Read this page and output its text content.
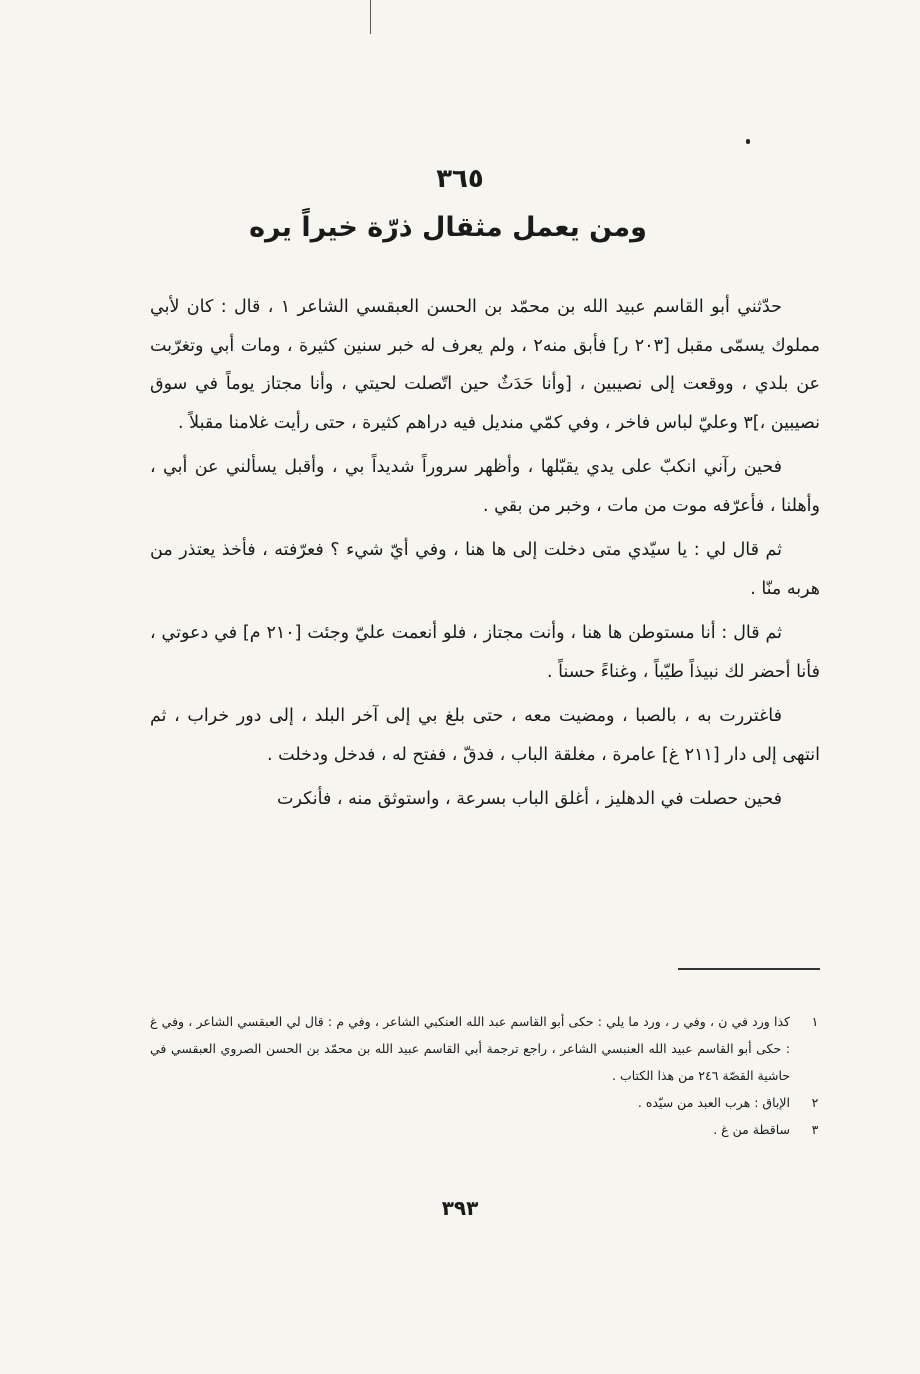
٣٦٥
ومن يعمل مثقال ذرّة خيراً يره

حدّثني أبو القاسم عبيد الله بن محمّد بن الحسن العبقسي الشاعر ١ ، قال : كان لأبي مملوك يسمّى مقبل [٢٠٣ ر] فأبق منه٢ ، ولم يعرف له خبر سنين كثيرة ، ومات أبي وتغرّبت عن بلدي ، ووقعت إلى نصيبين ، [وأنا حَدَثٌ حين اتّصلت لحيتي ، وأنا مجتاز يوماً في سوق نصيبين ،]٣ وعليّ لباس فاخر ، وفي كمّي منديل فيه دراهم كثيرة ، حتى رأيت غلامنا مقبلاً .

فحين رآني انكبّ على يدي يقبّلها ، وأظهر سروراً شديداً بي ، وأقبل يسألني عن أبي ، وأهلنا ، فأعرّفه موت من مات ، وخبر من بقي .

ثم قال لي : يا سيّدي متى دخلت إلى ها هنا ، وفي أيّ شيء ؟ فعرّفته ، فأخذ يعتذر من هربه منّا .

ثم قال : أنا مستوطن ها هنا ، وأنت مجتاز ، فلو أنعمت عليّ وجئت [٢١٠ م] في دعوتي ، فأنا أحضر لك نبيذاً طيّباً ، وغناءً حسناً .

فاغتررت به ، بالصبا ، ومضيت معه ، حتى بلغ بي إلى آخر البلد ، إلى دور خراب ، ثم انتهى إلى دار [٢١١ غ] عامرة ، مغلقة الباب ، فدقّ ، ففتح له ، فدخل ودخلت .

فحين حصلت في الدهليز ، أغلق الباب بسرعة ، واستوثق منه ، فأنكرت

١
كذا ورد في ن ، وفي ر ، ورد ما يلي : حكى أبو القاسم عبد الله العنكبي الشاعر ، وفي م : قال لي العبقسي الشاعر ، وفي غ : حكى أبو القاسم عبيد الله العنبسي الشاعر ، راجع ترجمة أبي القاسم عبيد الله بن محمّد بن الحسن الصروي العبقسي في حاشية القصّة ٢٤٦ من هذا الكتاب .
٢
الإباق : هرب العبد من سيّده .
٣
ساقطة من غ .
٣٩٣
